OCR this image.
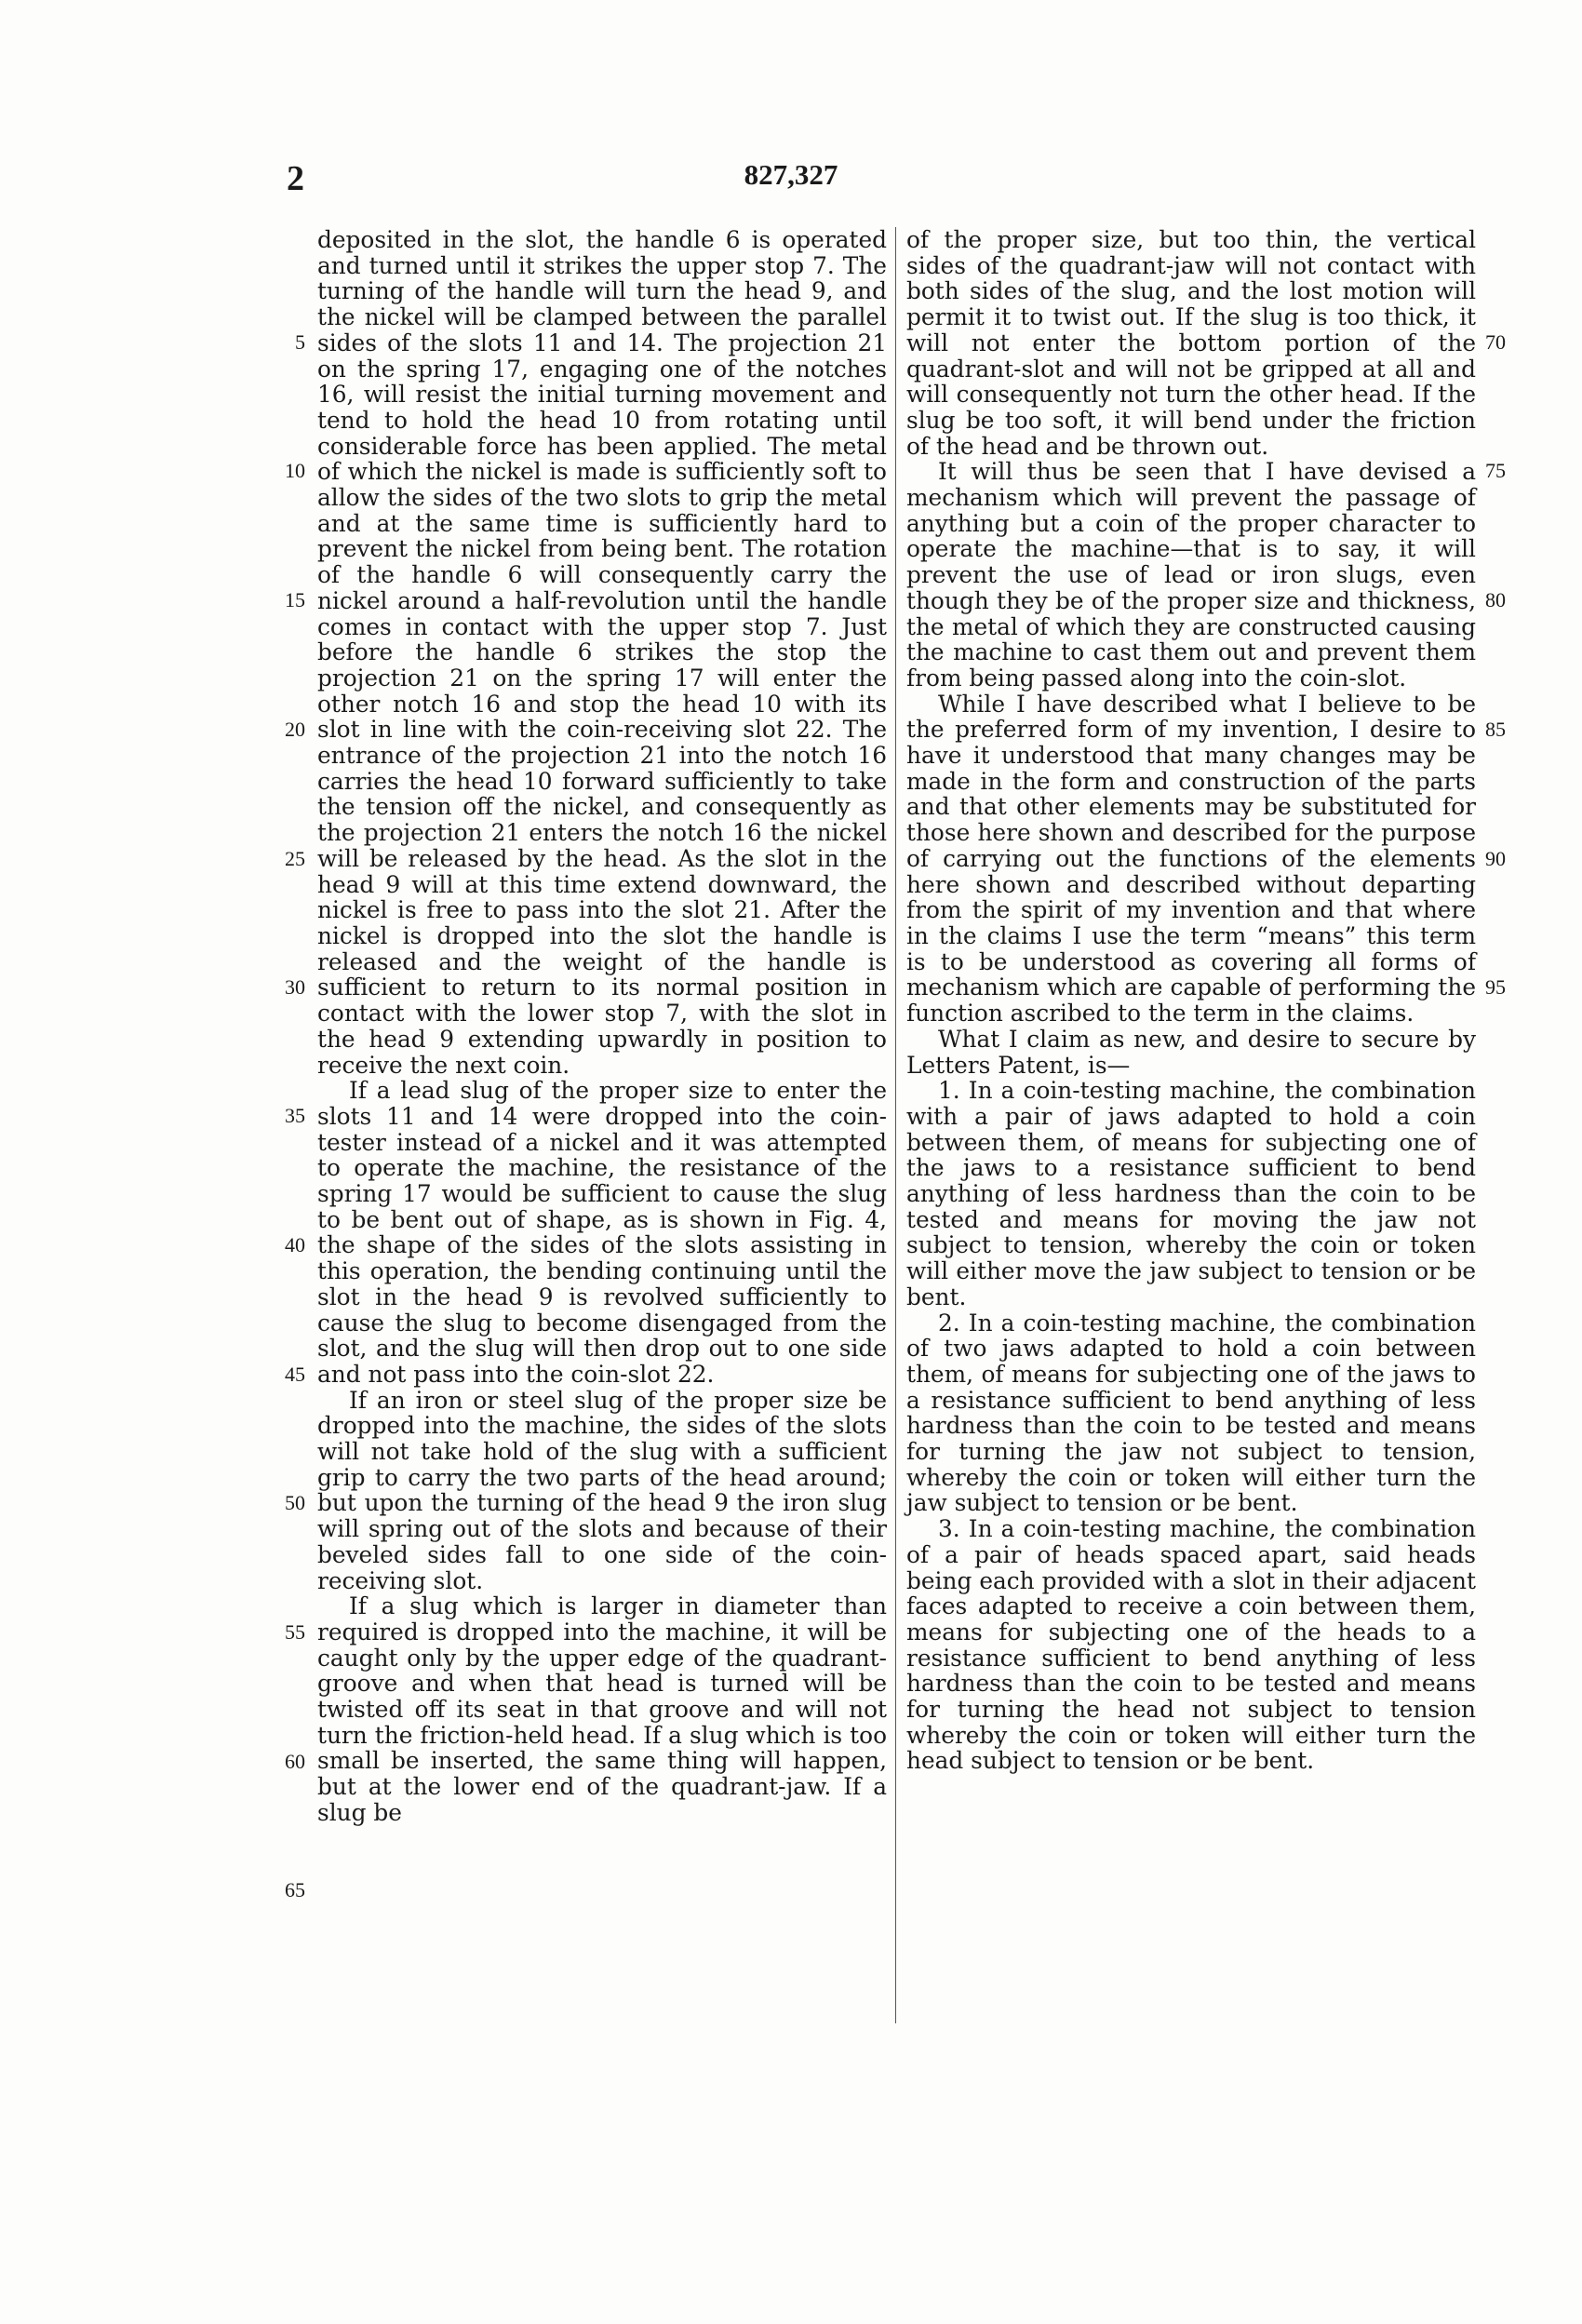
2	827,327

deposited in the slot, the handle 6 is operated and turned until it strikes the upper stop 7. The turning of the handle will turn the head 9, and the nickel will be clamped between the parallel sides of the slots 11 and 14. The projection 21 on the spring 17, engaging one of the notches 16, will resist the initial turning movement and tend to hold the head 10 from rotating until considerable force has been applied. The metal of which the nickel is made is sufficiently soft to allow the sides of the two slots to grip the metal and at the same time is sufficiently hard to prevent the nickel from being bent. The rotation of the handle 6 will consequently carry the nickel around a half-revolution until the handle comes in contact with the upper stop 7. Just before the handle 6 strikes the stop the projection 21 on the spring 17 will enter the other notch 16 and stop the head 10 with its slot in line with the coin-receiving slot 22. The entrance of the projection 21 into the notch 16 carries the head 10 forward sufficiently to take the tension off the nickel, and consequently as the projection 21 enters the notch 16 the nickel will be released by the head. As the slot in the head 9 will at this time extend downward, the nickel is free to pass into the slot 21. After the nickel is dropped into the slot the handle is released and the weight of the handle is sufficient to return to its normal position in contact with the lower stop 7, with the slot in the head 9 extending upwardly in position to receive the next coin.

If a lead slug of the proper size to enter the slots 11 and 14 were dropped into the coin-tester instead of a nickel and it was attempted to operate the machine, the resistance of the spring 17 would be sufficient to cause the slug to be bent out of shape, as is shown in Fig. 4, the shape of the sides of the slots assisting in this operation, the bending continuing until the slot in the head 9 is revolved sufficiently to cause the slug to become disengaged from the slot, and the slug will then drop out to one side and not pass into the coin-slot 22.

If an iron or steel slug of the proper size be dropped into the machine, the sides of the slots will not take hold of the slug with a sufficient grip to carry the two parts of the head around; but upon the turning of the head 9 the iron slug will spring out of the slots and because of their beveled sides fall to one side of the coin-receiving slot.

If a slug which is larger in diameter than required is dropped into the machine, it will be caught only by the upper edge of the quadrant-groove and when that head is turned will be twisted off its seat in that groove and will not turn the friction-held head. If a slug which is too small be inserted, the same thing will happen, but at the lower end of the quadrant-jaw. If a slug be

of the proper size, but too thin, the vertical sides of the quadrant-jaw will not contact with both sides of the slug, and the lost motion will permit it to twist out. If the slug is too thick, it will not enter the bottom portion of the quadrant-slot and will not be gripped at all and will consequently not turn the other head. If the slug be too soft, it will bend under the friction of the head and be thrown out.

It will thus be seen that I have devised a mechanism which will prevent the passage of anything but a coin of the proper character to operate the machine—that is to say, it will prevent the use of lead or iron slugs, even though they be of the proper size and thickness, the metal of which they are constructed causing the machine to cast them out and prevent them from being passed along into the coin-slot.

While I have described what I believe to be the preferred form of my invention, I desire to have it understood that many changes may be made in the form and construction of the parts and that other elements may be substituted for those here shown and described for the purpose of carrying out the functions of the elements here shown and described without departing from the spirit of my invention and that where in the claims I use the term “means” this term is to be understood as covering all forms of mechanism which are capable of performing the function ascribed to the term in the claims.

What I claim as new, and desire to secure by Letters Patent, is—

1. In a coin-testing machine, the combination with a pair of jaws adapted to hold a coin between them, of means for subjecting one of the jaws to a resistance sufficient to bend anything of less hardness than the coin to be tested and means for moving the jaw not subject to tension, whereby the coin or token will either move the jaw subject to tension or be bent.

2. In a coin-testing machine, the combination of two jaws adapted to hold a coin between them, of means for subjecting one of the jaws to a resistance sufficient to bend anything of less hardness than the coin to be tested and means for turning the jaw not subject to tension, whereby the coin or token will either turn the jaw subject to tension or be bent.

3. In a coin-testing machine, the combination of a pair of heads spaced apart, said heads being each provided with a slot in their adjacent faces adapted to receive a coin between them, means for subjecting one of the heads to a resistance sufficient to bend anything of less hardness than the coin to be tested and means for turning the head not subject to tension whereby the coin or token will either turn the head subject to tension or be bent.

5
10
15
20
25
30
35
40
45
50
55
60
65
70
75
80
85
90
95
